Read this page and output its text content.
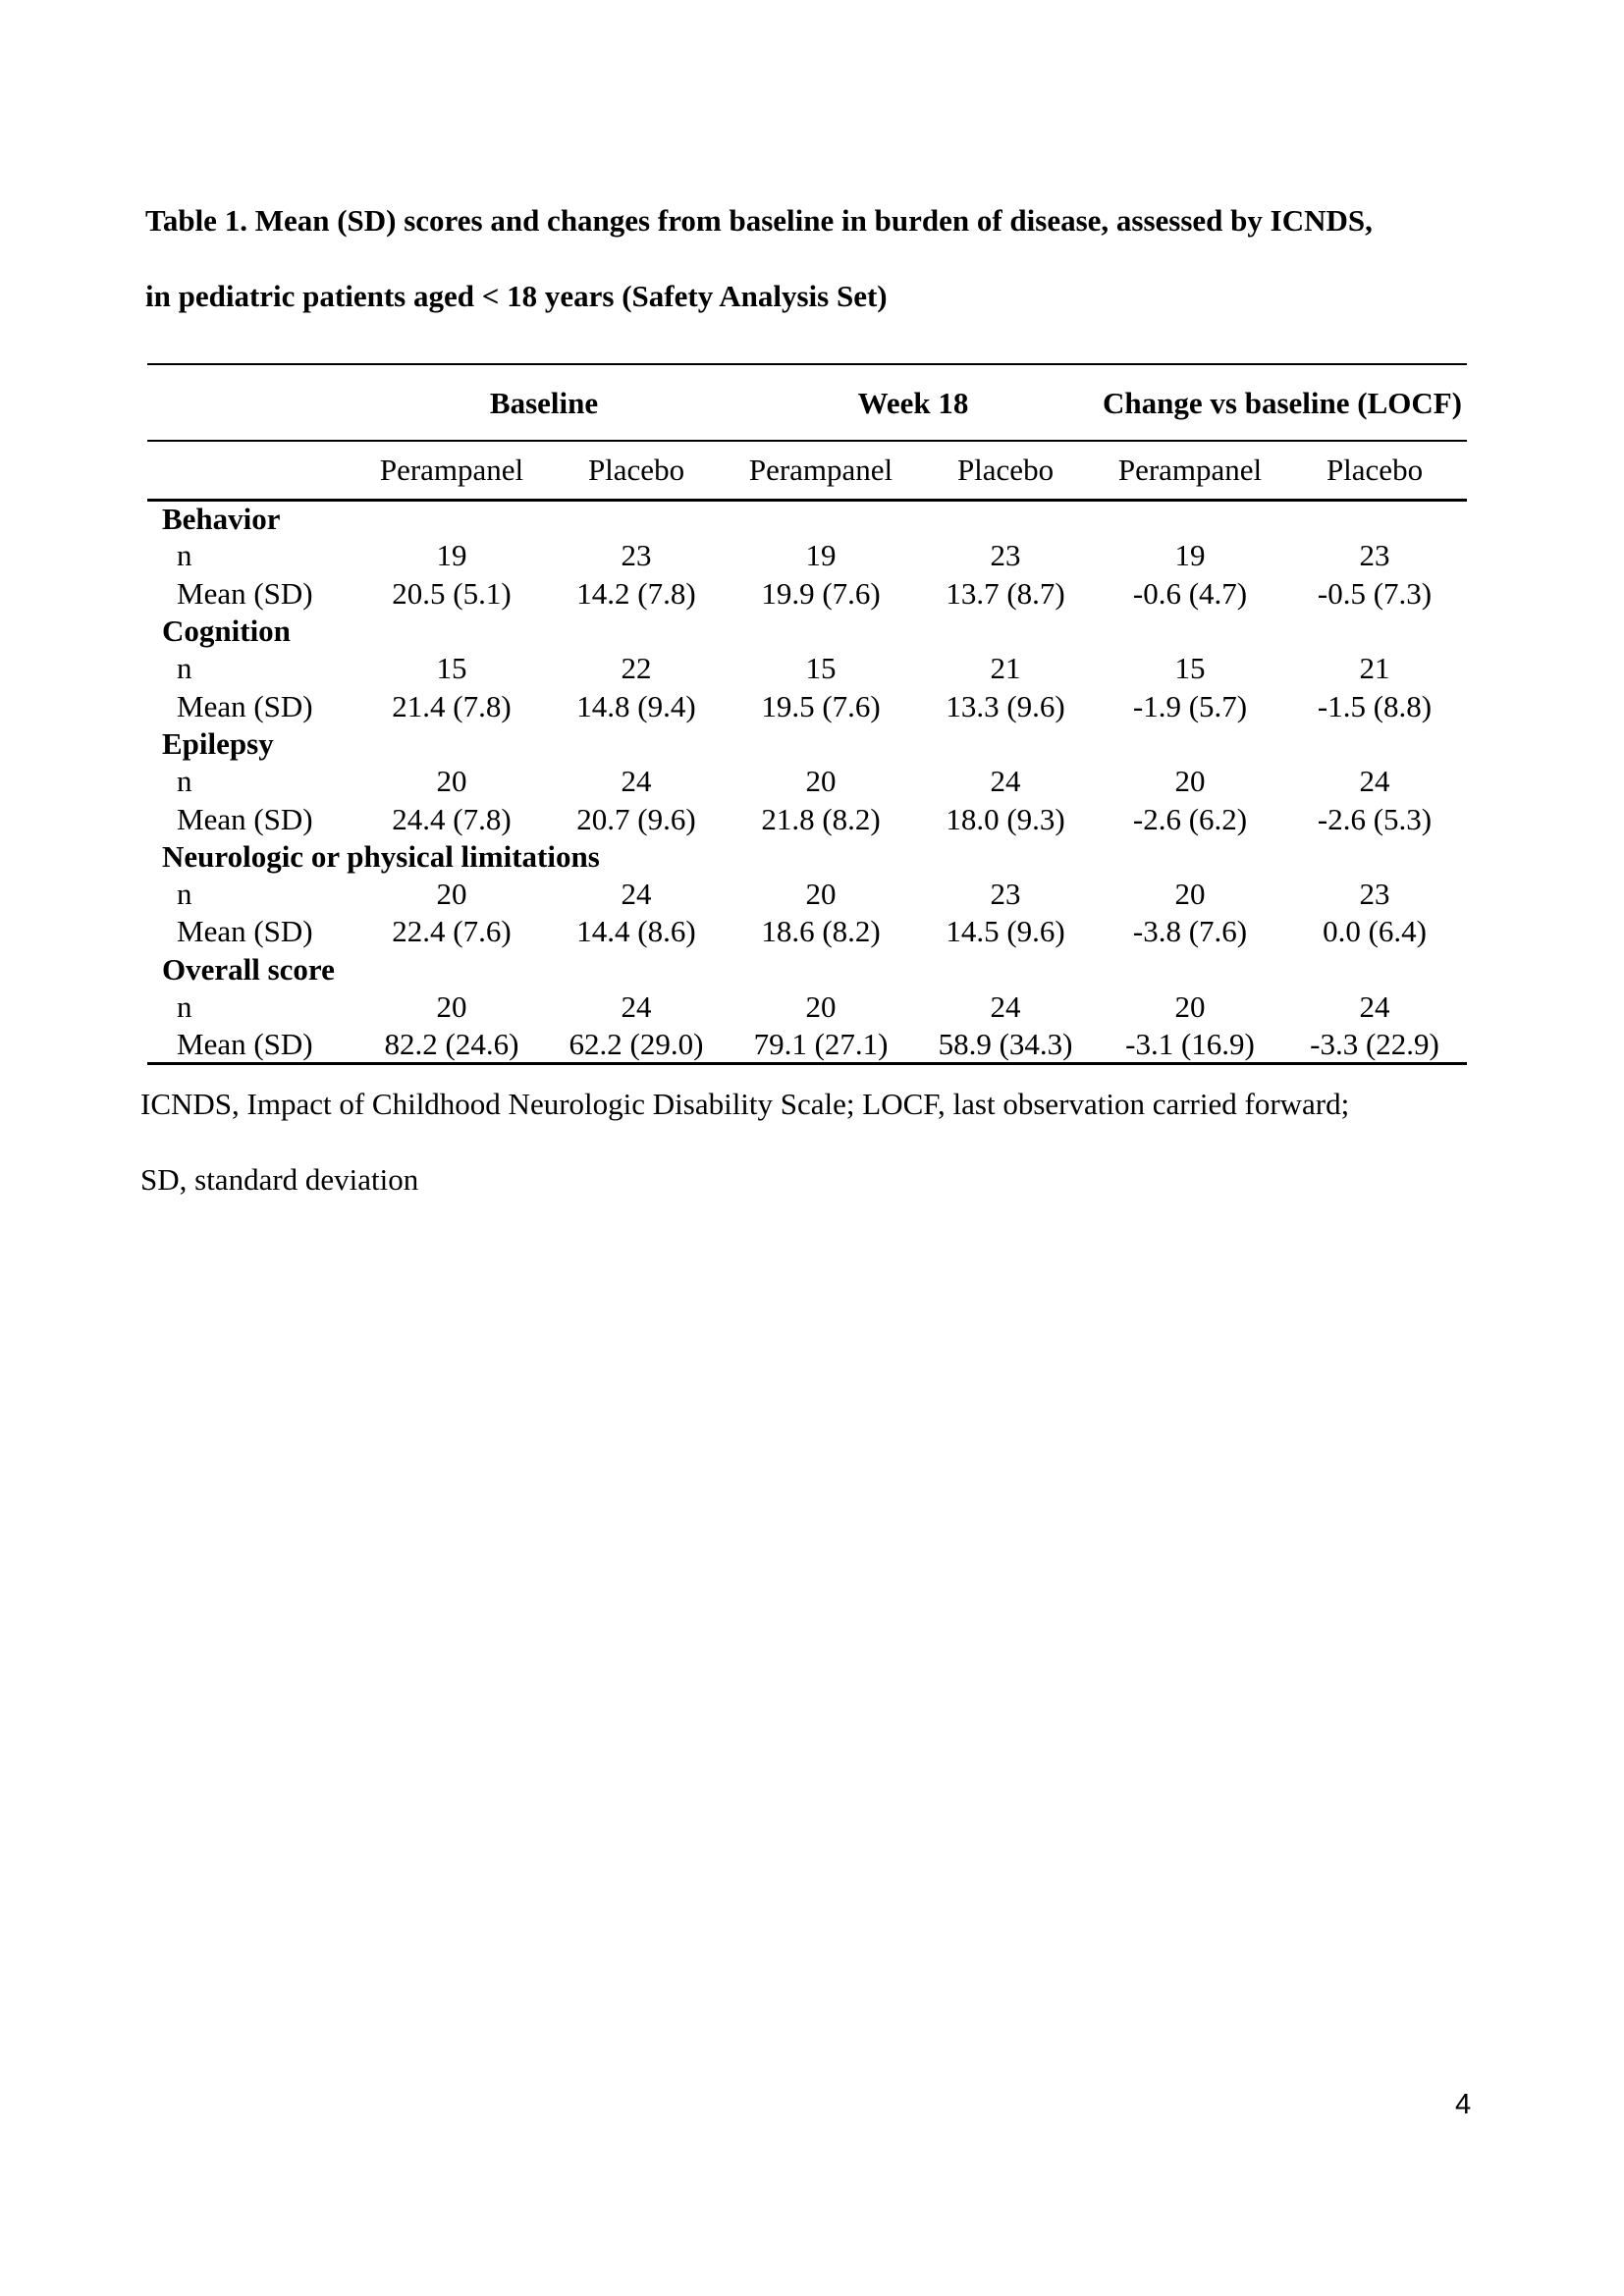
Table 1. Mean (SD) scores and changes from baseline in burden of disease, assessed by ICNDS,
in pediatric patients aged < 18 years (Safety Analysis Set)
	Baseline		Week 18		Change vs baseline (LOCF)	
	Perampanel	Placebo	Perampanel	Placebo	Perampanel	Placebo
Behavior						
n	19	23	19	23	19	23
Mean (SD)	20.5 (5.1)	14.2 (7.8)	19.9 (7.6)	13.7 (8.7)	-0.6 (4.7)	-0.5 (7.3)
Cognition						
n	15	22	15	21	15	21
Mean (SD)	21.4 (7.8)	14.8 (9.4)	19.5 (7.6)	13.3 (9.6)	-1.9 (5.7)	-1.5 (8.8)
Epilepsy						
n	20	24	20	24	20	24
Mean (SD)	24.4 (7.8)	20.7 (9.6)	21.8 (8.2)	18.0 (9.3)	-2.6 (6.2)	-2.6 (5.3)
Neurologic or physical limitations						
n	20	24	20	23	20	23
Mean (SD)	22.4 (7.6)	14.4 (8.6)	18.6 (8.2)	14.5 (9.6)	-3.8 (7.6)	0.0 (6.4)
Overall score						
n	20	24	20	24	20	24
Mean (SD)	82.2 (24.6)	62.2 (29.0)	79.1 (27.1)	58.9 (34.3)	-3.1 (16.9)	-3.3 (22.9)
ICNDS, Impact of Childhood Neurologic Disability Scale; LOCF, last observation carried forward;
SD, standard deviation
4
